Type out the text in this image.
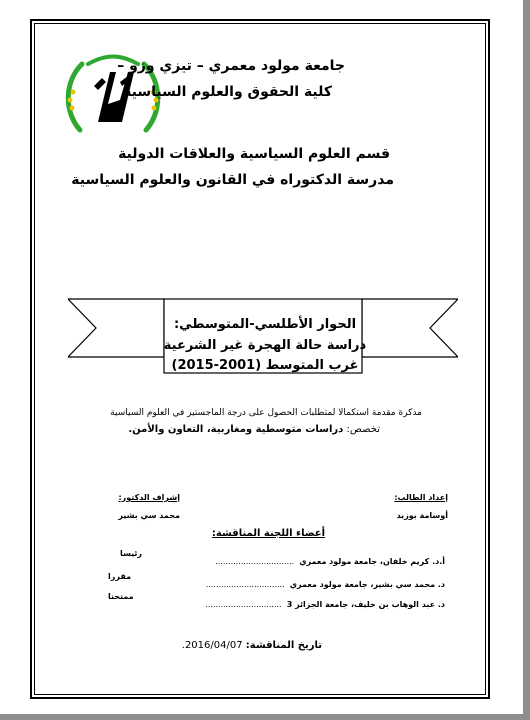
جامعة مولود معمري – تيزي وزو –
كلية الحقوق والعلوم السياسية
قسم العلوم السياسية والعلاقات الدولية
مدرسة الدكتوراه في القانون والعلوم السياسية
الحوار الأطلسي-المتوسطي:
دراسة حالة الهجرة غير الشرعية
غرب المتوسط (2001-2015)
مذكرة مقدمة استكمالا لمتطلبات الحصول على درجة الماجستير في العلوم السياسية
تخصص: دراسات متوسطية ومغاربية، التعاون والأمن.
إعداد الطالب:
أوسامة بوزيد
إشراف الدكتور:
محمد سي بشير
أعضاء اللجنة المناقشة:
أ.د. كريم خلفان، جامعة مولود معمري ...............................
رئيسا
د. محمد سي بشير، جامعة مولود معمري ...............................
مقررا
د. عبد الوهاب بن خليف، جامعة الجزائر 3 ..............................
ممتحنا
تاريخ المناقشة: 2016/04/07.
